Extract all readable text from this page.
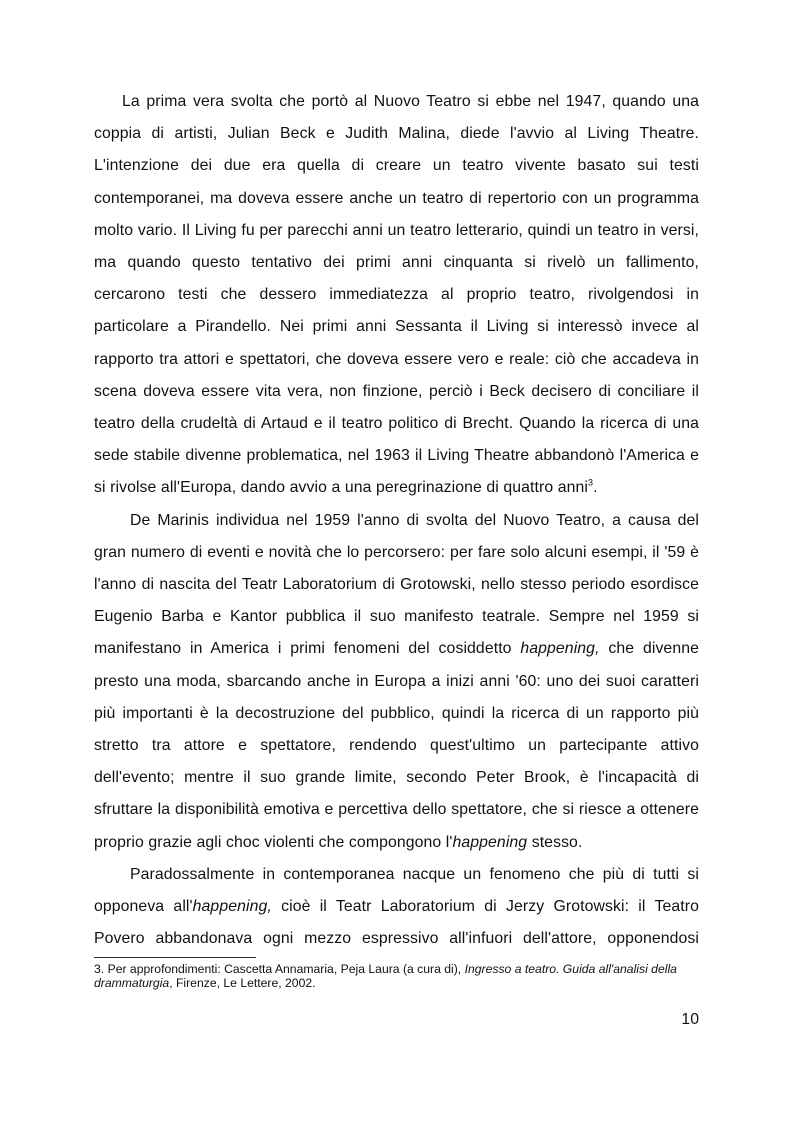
La prima vera svolta che portò al Nuovo Teatro si ebbe nel 1947, quando una coppia di artisti, Julian Beck e Judith Malina, diede l'avvio al Living Theatre. L'intenzione dei due era quella di creare un teatro vivente basato sui testi contemporanei, ma doveva essere anche un teatro di repertorio con un programma molto vario. Il Living fu per parecchi anni un teatro letterario, quindi un teatro in versi, ma quando questo tentativo dei primi anni cinquanta si rivelò un fallimento, cercarono testi che dessero immediatezza al proprio teatro, rivolgendosi in particolare a Pirandello. Nei primi anni Sessanta il Living si interessò invece al rapporto tra attori e spettatori, che doveva essere vero e reale: ciò che accadeva in scena doveva essere vita vera, non finzione, perciò i Beck decisero di conciliare il teatro della crudeltà di Artaud e il teatro politico di Brecht. Quando la ricerca di una sede stabile divenne problematica, nel 1963 il Living Theatre abbandonò l'America e si rivolse all'Europa, dando avvio a una peregrinazione di quattro anni$^3$.

De Marinis individua nel 1959 l'anno di svolta del Nuovo Teatro, a causa del gran numero di eventi e novità che lo percorsero: per fare solo alcuni esempi, il '59 è l'anno di nascita del Teatr Laboratorium di Grotowski, nello stesso periodo esordisce Eugenio Barba e Kantor pubblica il suo manifesto teatrale. Sempre nel 1959 si manifestano in America i primi fenomeni del cosiddetto happening, che divenne presto una moda, sbarcando anche in Europa a inizi anni '60: uno dei suoi caratteri più importanti è la decostruzione del pubblico, quindi la ricerca di un rapporto più stretto tra attore e spettatore, rendendo quest'ultimo un partecipante attivo dell'evento; mentre il suo grande limite, secondo Peter Brook, è l'incapacità di sfruttare la disponibilità emotiva e percettiva dello spettatore, che si riesce a ottenere proprio grazie agli choc violenti che compongono l'happening stesso.

Paradossalmente in contemporanea nacque un fenomeno che più di tutti si opponeva all'happening, cioè il Teatr Laboratorium di Jerzy Grotowski: il Teatro Povero abbandonava ogni mezzo espressivo all'infuori dell'attore, opponendosi

3. Per approfondimenti: Cascetta Annamaria, Peja Laura (a cura di), Ingresso a teatro. Guida all'analisi della drammaturgia, Firenze, Le Lettere, 2002.
10
